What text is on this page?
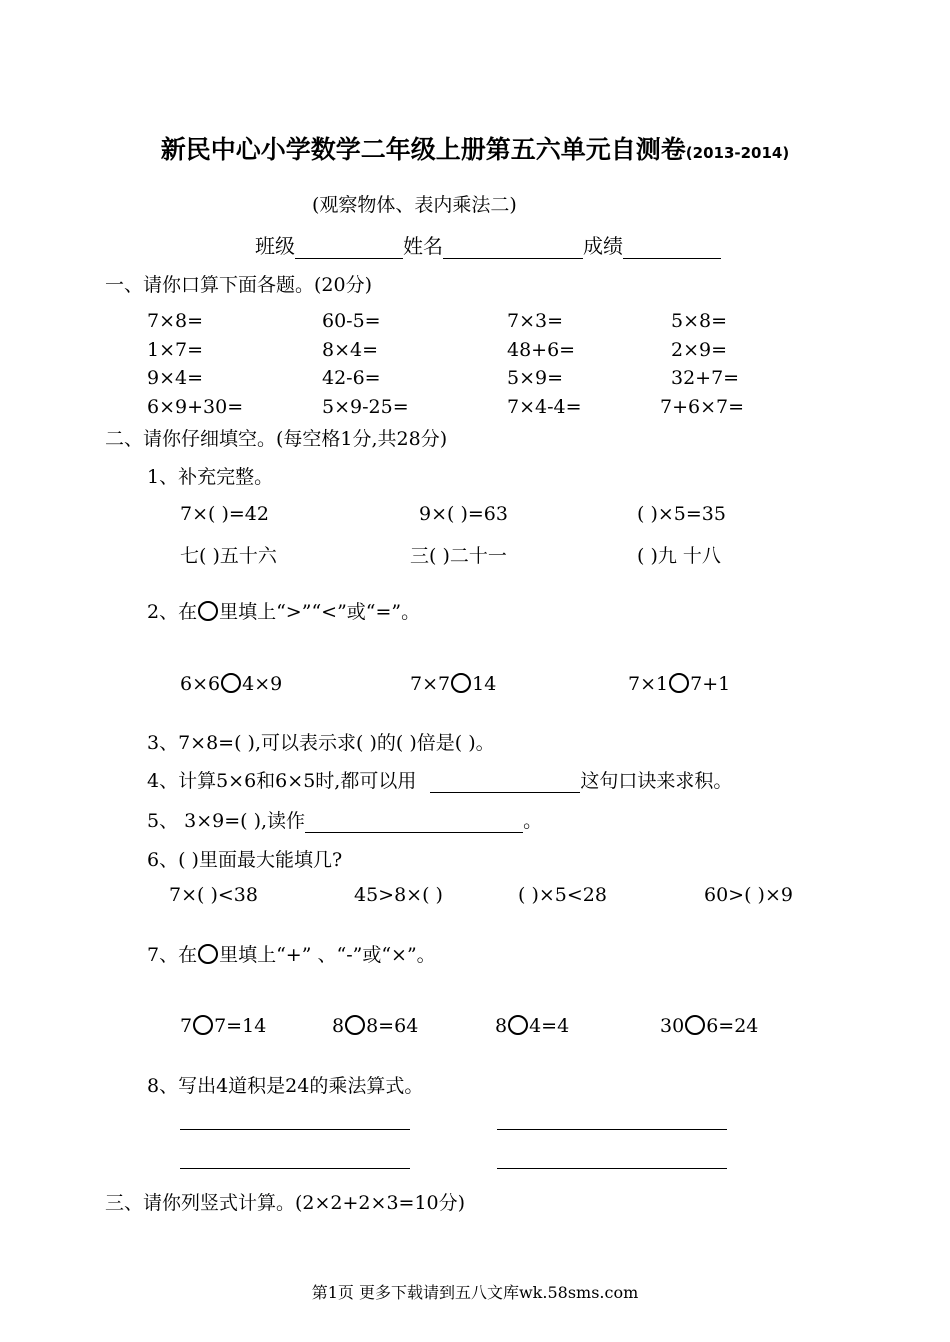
新民中心小学数学二年级上册第五六单元自测卷(2013-2014)
(观察物体、表内乘法二)
班级	姓名	成绩
一、请你口算下面各题。(20分)
7×8=	60-5=	7×3=	5×8=
1×7=	8×4=	48+6=	2×9=
9×4=	42-6=	5×9=	32+7=
6×9+30=	5×9-25=	7×4-4=	7+6×7=
二、请你仔细填空。(每空格1分,共28分)
1、补充完整。
7×( )=42	9×( )=63	( )×5=35
七( )五十六	三( )二十一	( )九 十八
2、在 里填上“>”“<”或“=”。
6×6 4×9	7×7 14	7×1 7+1
3、7×8=( ),可以表示求( )的( )倍是( )。
4、计算5×6和6×5时,都可以用	这句口诀来求积。
5、 3×9=( ),读作	。
6、( )里面最大能填几?
7×( )<38	45>8×( )	( )×5<28	60>( )×9
7、在 里填上“+” 、“-”或“×”。
7 7=14	8 8=64	8 4=4	30 6=24
8、写出4道积是24的乘法算式。
三、请你列竖式计算。(2×2+2×3=10分)
第1页 更多下载请到五八文库wk.58sms.com
